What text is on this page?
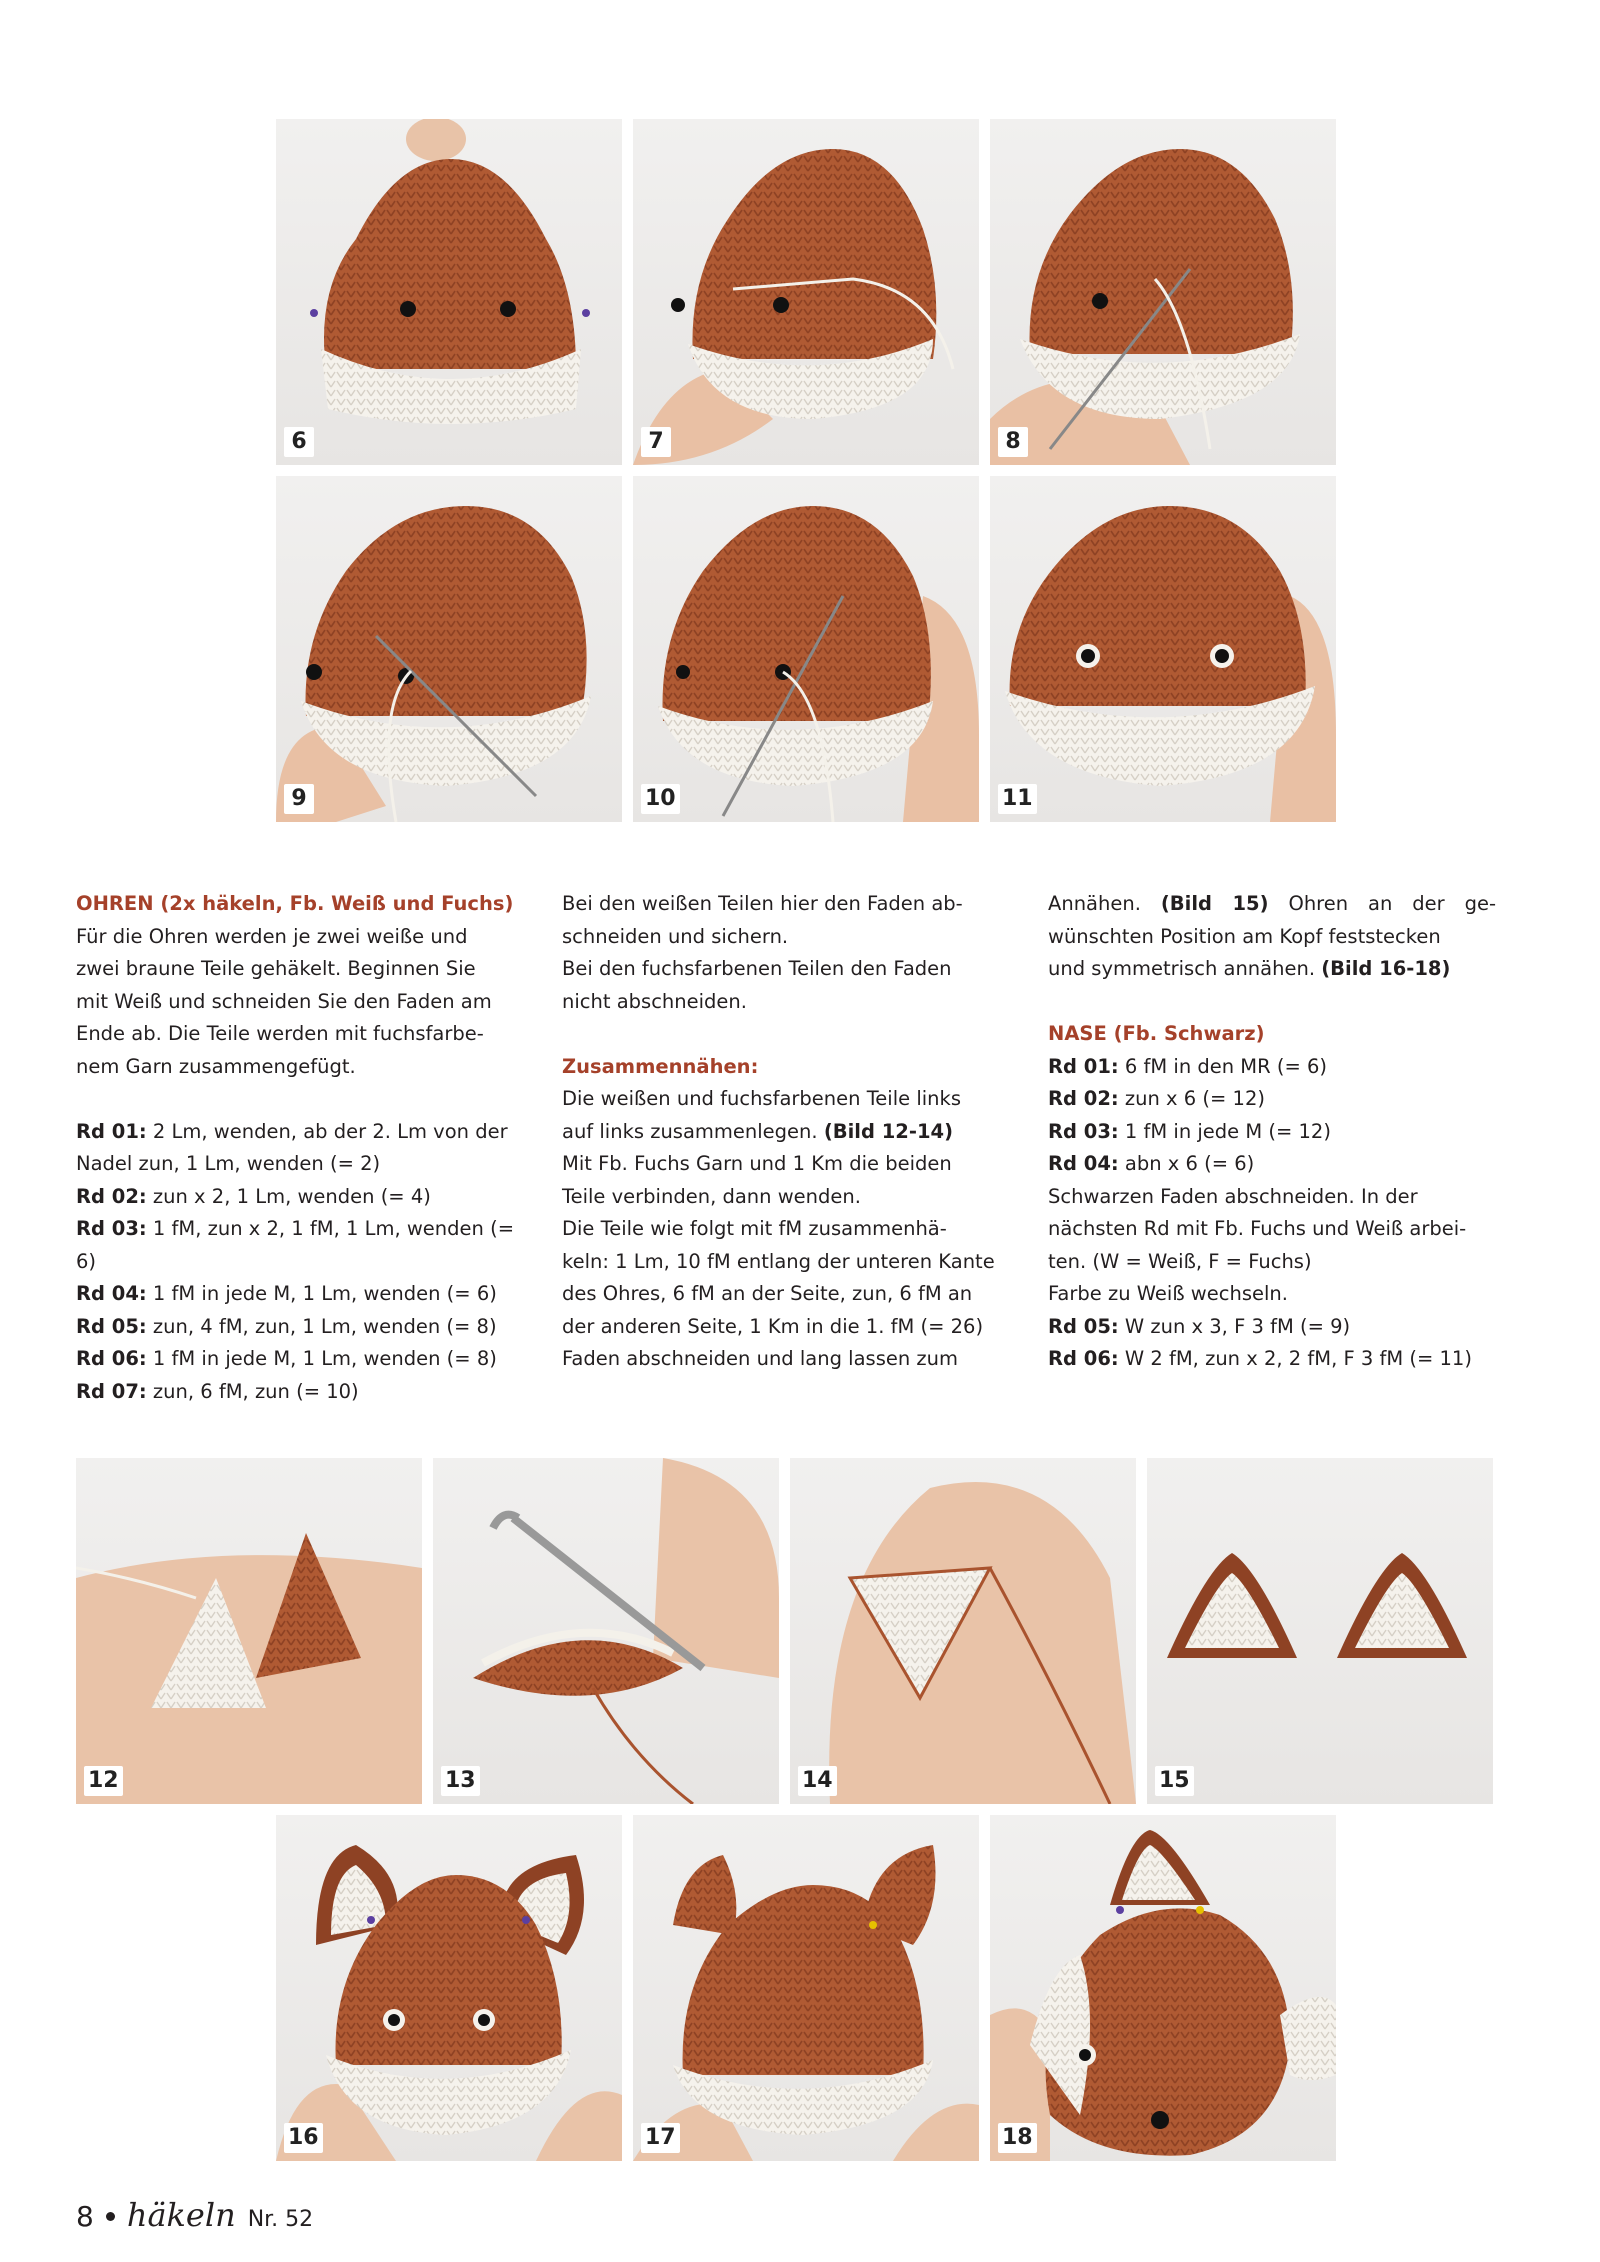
6	7	8
9	10	11

OHREN (2x häkeln, Fb. Weiß und Fuchs)

Für die Ohren werden je zwei weiße und

zwei braune Teile gehäkelt. Beginnen Sie

mit Weiß und schneiden Sie den Faden am

Ende ab. Die Teile werden mit fuchsfarbe-

nem Garn zusammengefügt.

Rd 01: 2 Lm, wenden, ab der 2. Lm von der

Nadel zun, 1 Lm, wenden (= 2)

Rd 02: zun x 2, 1 Lm, wenden (= 4)

Rd 03: 1 fM, zun x 2, 1 fM, 1 Lm, wenden (= 6)

Rd 04: 1 fM in jede M, 1 Lm, wenden (= 6)

Rd 05: zun, 4 fM, zun, 1 Lm, wenden (= 8)

Rd 06: 1 fM in jede M, 1 Lm, wenden (= 8)

Rd 07: zun, 6 fM, zun (= 10)

Bei den weißen Teilen hier den Faden ab-

schneiden und sichern.

Bei den fuchsfarbenen Teilen den Faden

nicht abschneiden.

Zusammennähen:

Die weißen und fuchsfarbenen Teile links

auf links zusammenlegen. (Bild 12-14)

Mit Fb. Fuchs Garn und 1 Km die beiden

Teile verbinden, dann wenden.

Die Teile wie folgt mit fM zusammenhä-

keln: 1 Lm, 10 fM entlang der unteren Kante

des Ohres, 6 fM an der Seite, zun, 6 fM an

der anderen Seite, 1 Km in die 1. fM (= 26)

Faden abschneiden und lang lassen zum

Annähen. (Bild 15) Ohren an der ge-

wünschten Position am Kopf feststecken

und symmetrisch annähen. (Bild 16-18)

NASE (Fb. Schwarz)

Rd 01: 6 fM in den MR (= 6)

Rd 02: zun x 6 (= 12)

Rd 03: 1 fM in jede M (= 12)

Rd 04: abn x 6 (= 6)

Schwarzen Faden abschneiden. In der

nächsten Rd mit Fb. Fuchs und Weiß arbei-

ten. (W = Weiß, F = Fuchs)

Farbe zu Weiß wechseln.

Rd 05: W zun x 3, F 3 fM (= 9)

Rd 06: W 2 fM, zun x 2, 2 fM, F 3 fM (= 11)

12	13	14	15
16	17	18
8 häkeln Nr. 52
